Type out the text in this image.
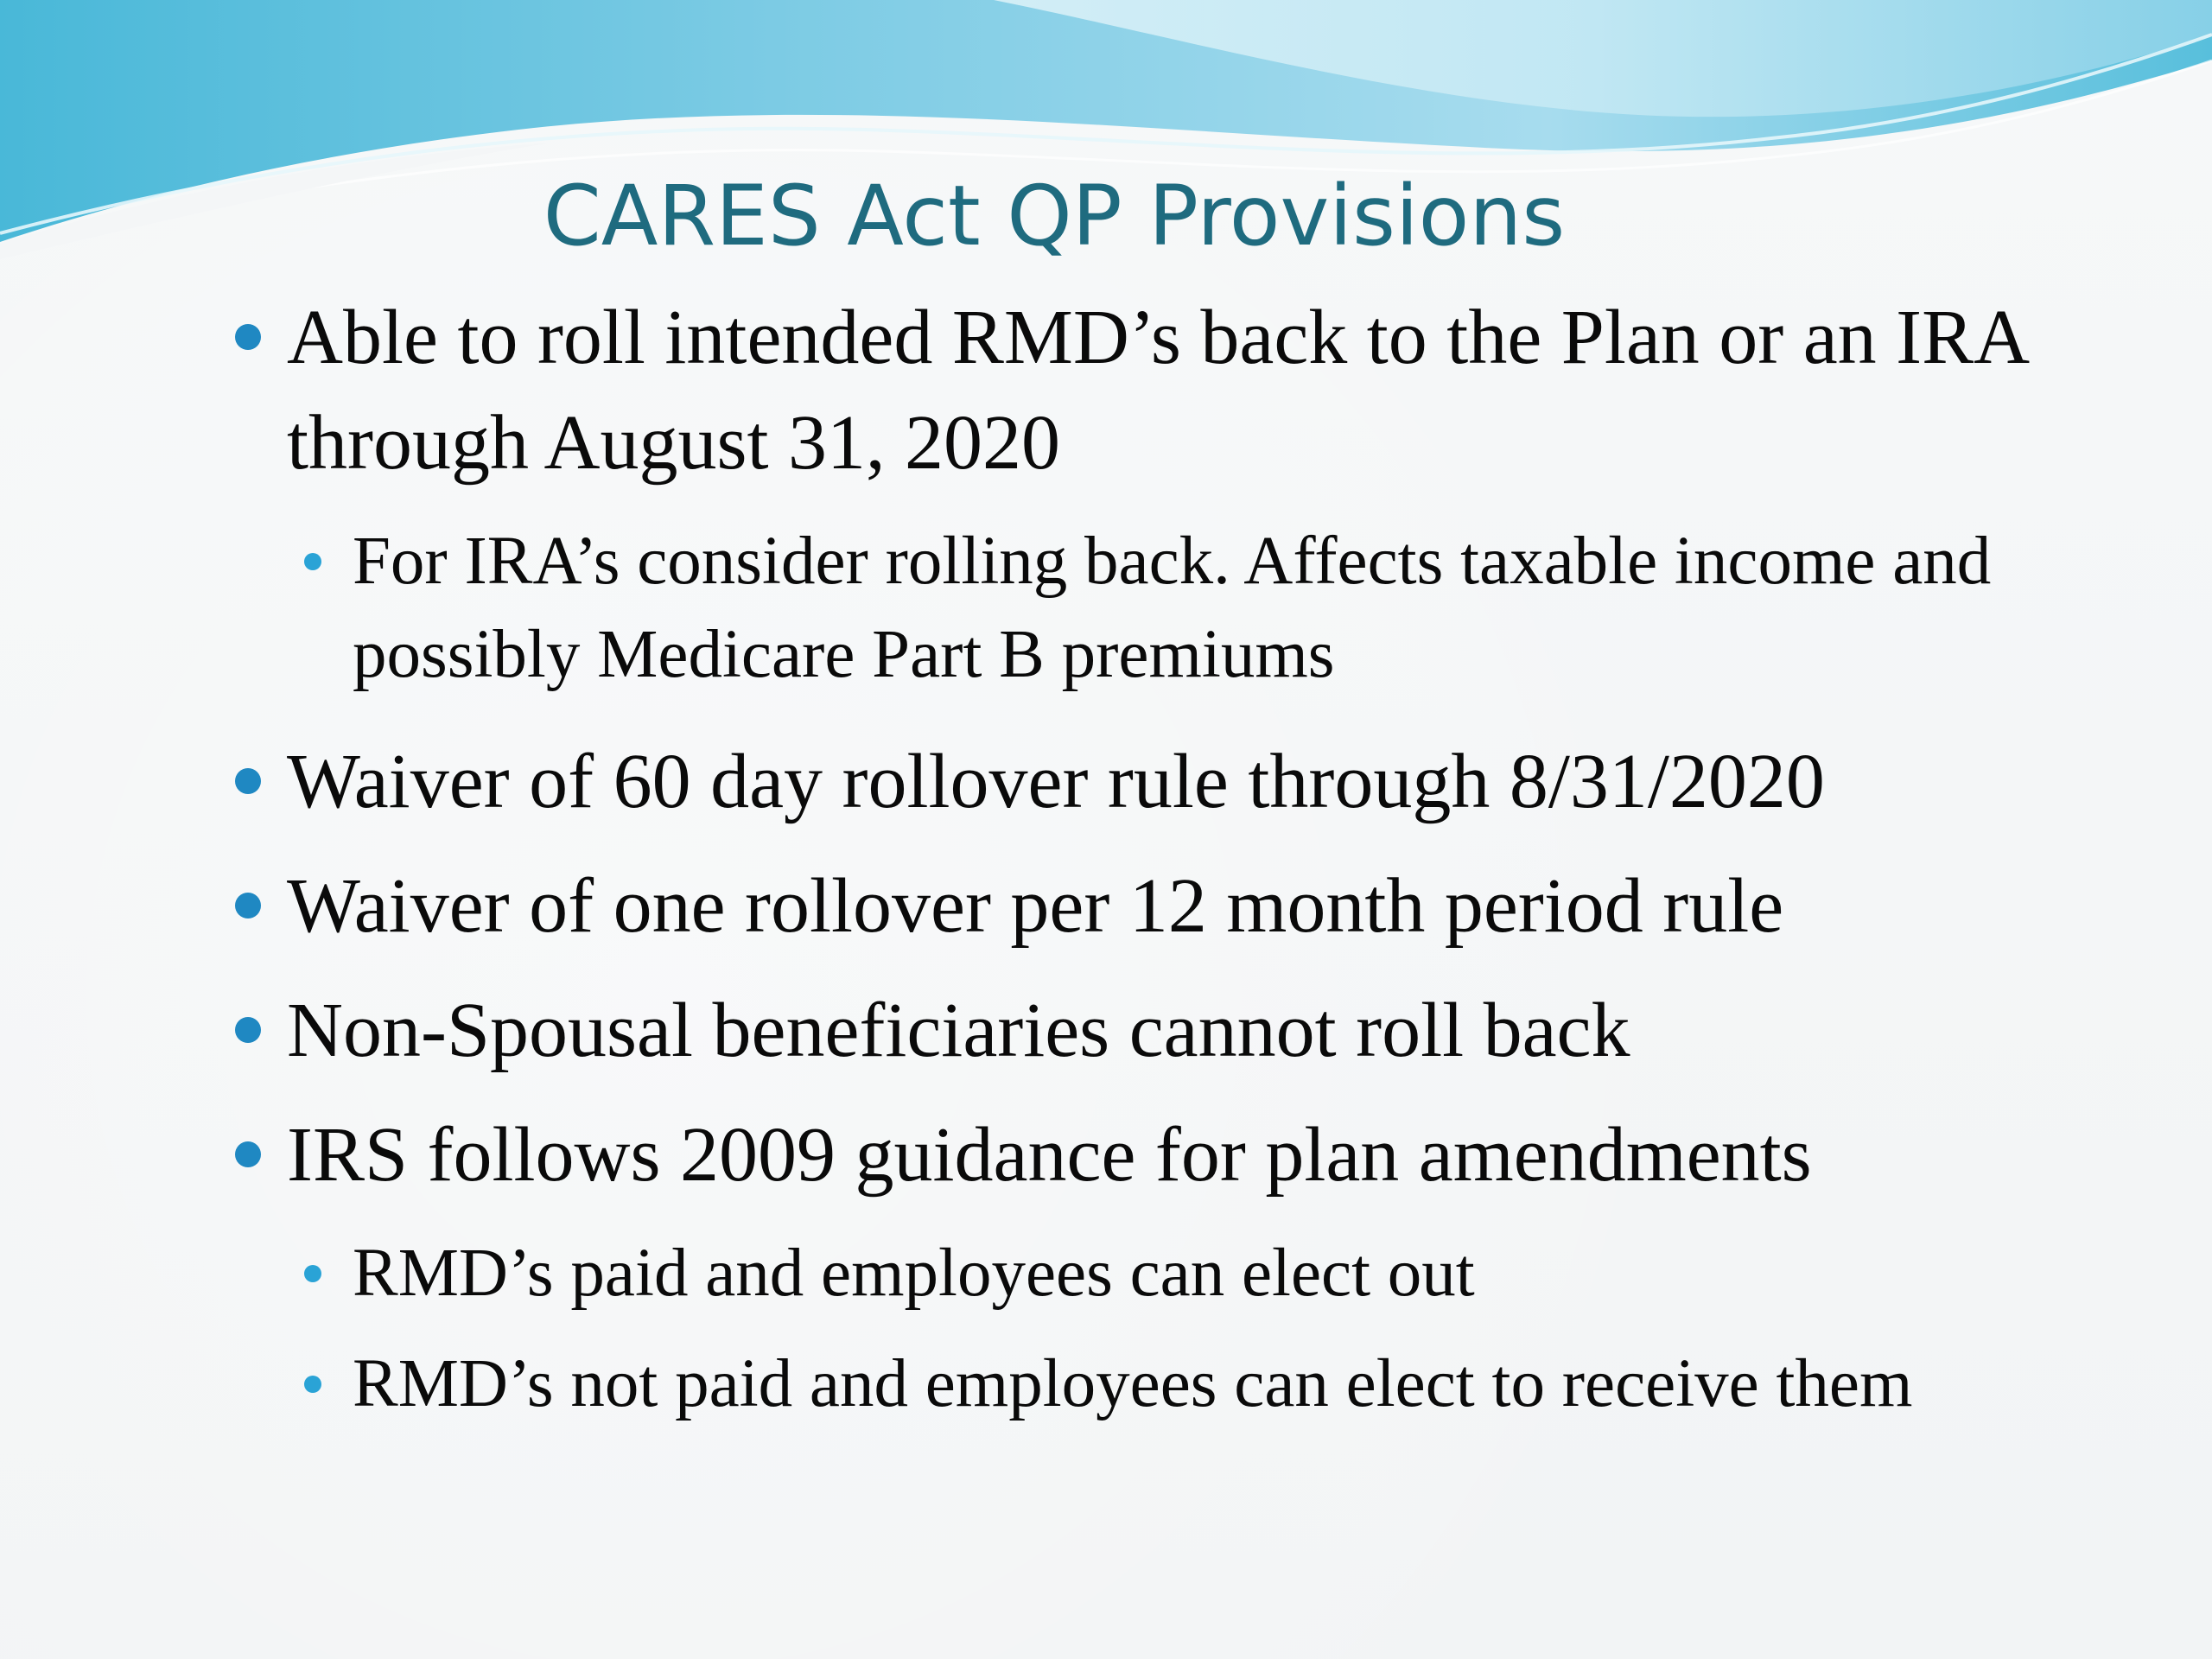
CARES Act QP Provisions
Able to roll intended RMD’s back to the Plan or an IRA through August 31, 2020
For IRA’s consider rolling back. Affects taxable income and possibly Medicare Part B premiums
Waiver of 60 day rollover rule through 8/31/2020
Waiver of one rollover per 12 month period rule
Non-Spousal beneficiaries cannot roll back
IRS follows 2009 guidance for plan amendments
RMD’s paid and employees can elect out
RMD’s not paid and employees can elect to receive them
